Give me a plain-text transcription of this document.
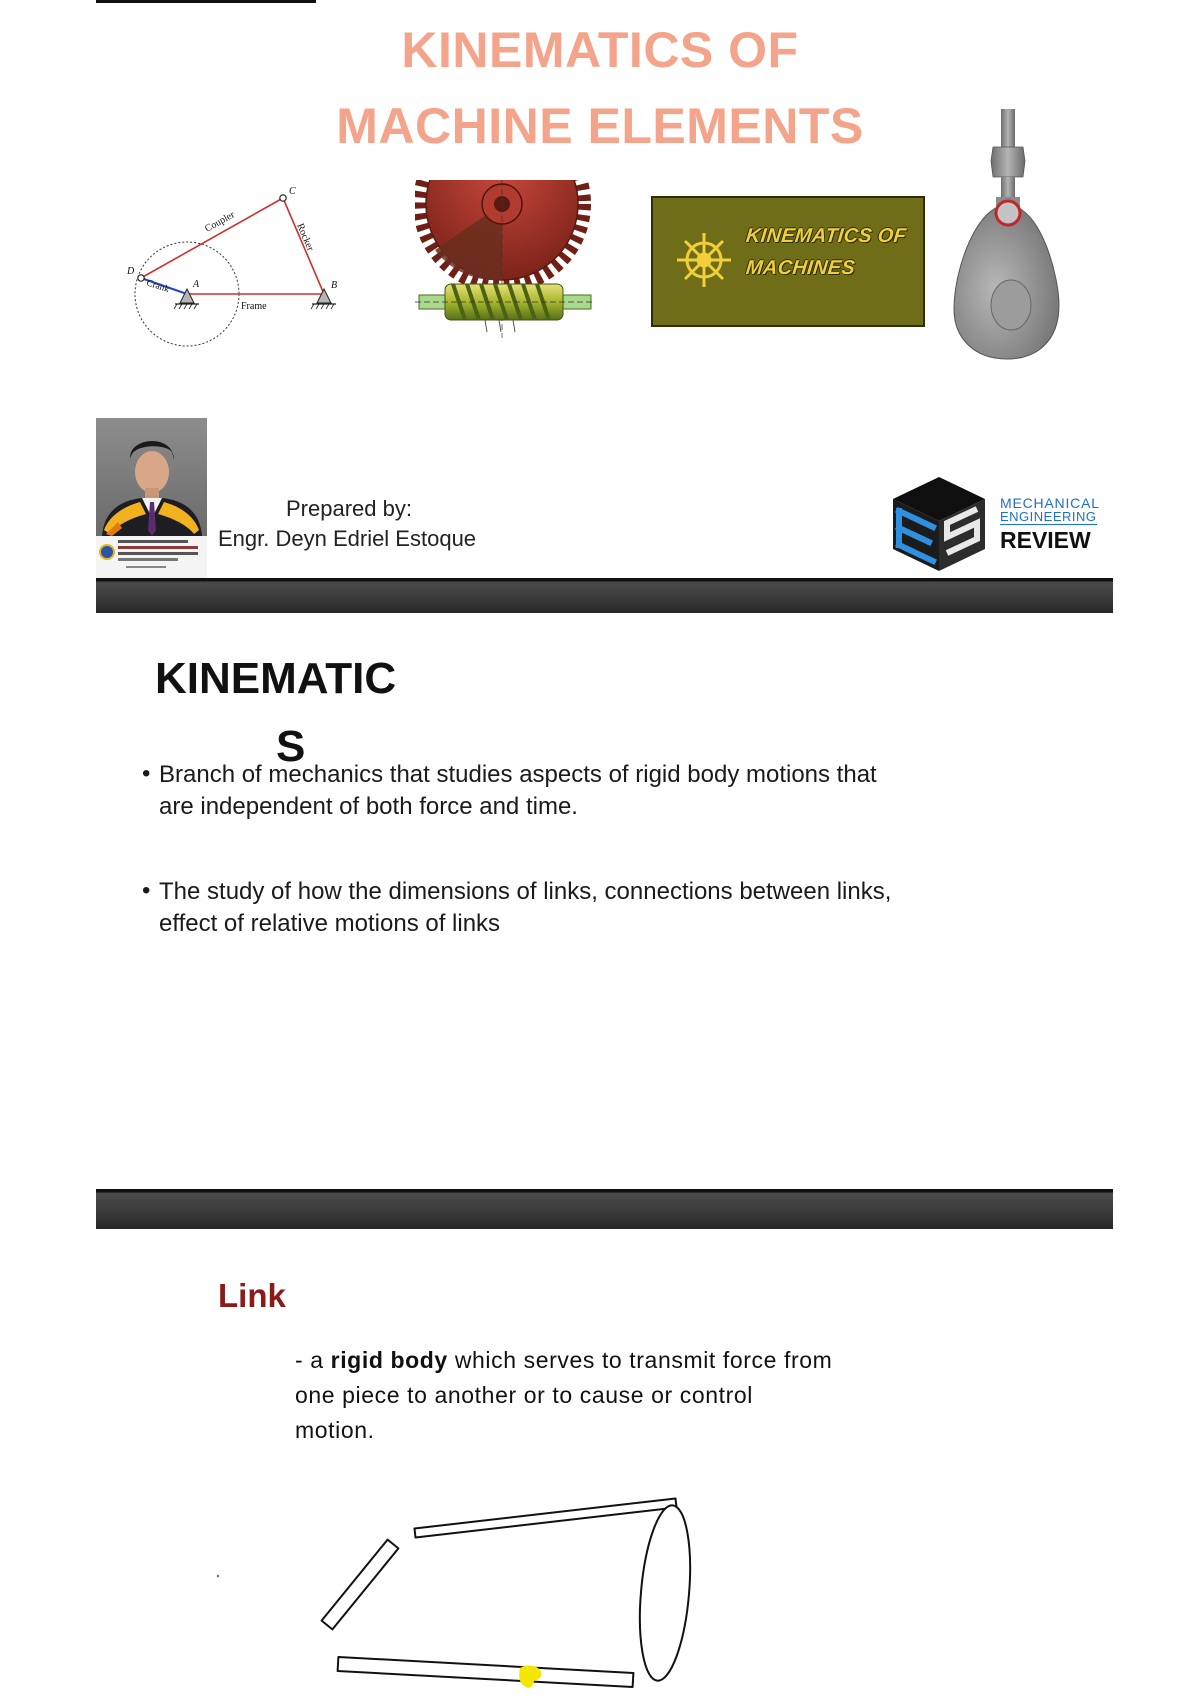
KINEMATICS OF
MACHINE ELEMENTS
C
Coupler	Rocker
D
Crank A
Frame
B
KINEMATICS OF
MACHINES
Prepared by:
Engr. Deyn Edriel Estoque
MECHANICAL
ENGINEERING
REVIEW
KINEMATIC
S
• Branch of mechanics that studies aspects of rigid body motions that
are independent of both force and time.
• The study of how the dimensions of links, connections between links,
effect of relative motions of links
Link
- a rigid body which serves to transmit force from
one piece to another or to cause or control
motion.
